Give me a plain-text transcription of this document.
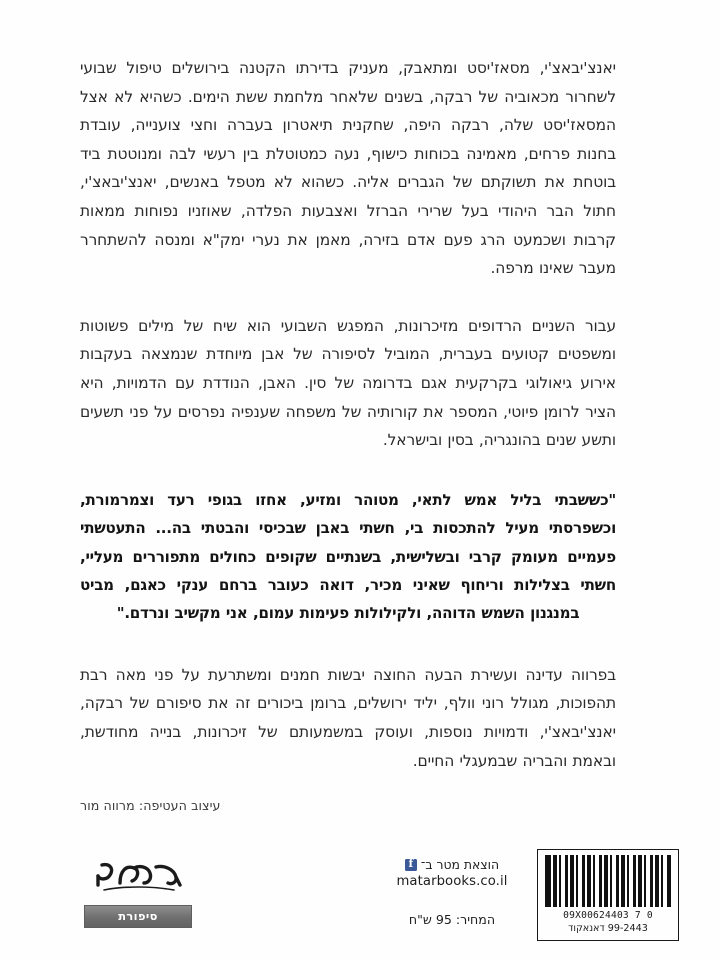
יאנצ'יבאצ'י, מסאז'יסט ומתאבק, מעניק בדירתו הקטנה בירושלים טיפול שבועי לשחרור מכאוביה של רבקה, בשנים שלאחר מלחמת ששת הימים. כשהיא לא אצל המסאז'יסט שלה, רבקה היפה, שחקנית תיאטרון בעברה וחצי צוענייה, עובדת בחנות פרחים, מאמינה בכוחות כישוף, נעה כמטוטלת בין רעשי לבה ומנוטטת ביד בוטחת את תשוקתם של הגברים אליה. כשהוא לא מטפל באנשים, יאנצ'יבאצ'י, חתול הבר היהודי בעל שרירי הברזל ואצבעות הפלדה, שאוזניו נפוחות ממאות קרבות ושכמעט הרג פעם אדם בזירה, מאמן את נערי ימק"א ומנסה להשתחרר מעבר שאינו מרפה.

עבור השניים הרדופים מזיכרונות, המפגש השבועי הוא שיח של מילים פשוטות ומשפטים קטועים בעברית, המוביל לסיפורה של אבן מיוחדת שנמצאה בעקבות אירוע גיאולוגי בקרקעית אגם בדרומה של סין. האבן, הנודדת עם הדמויות, היא הציר לרומן פיוטי, המספר את קורותיה של משפחה שענפיה נפרסים על פני תשעים ותשע שנים בהונגריה, בסין ובישראל.

"כששבתי בליל אמש לתאי, מטוהר ומזיע, אחזו בגופי רעד וצמרמורת, וכשפרסתי מעיל להתכסות בי, חשתי באבן שבכיסי והבטתי בה... התעטשתי פעמיים מעומק קרבי ובשלישית, בשנתיים שקופים כחולים מתפוררים מעליי, חשתי בצלילות וריחוף שאיני מכיר, דואה כעובר ברחם ענקי כאגם, מביט במנגנון השמש הדוהה, ולקילולות פעימות עמום, אני מקשיב ונרדם."

בפרווה עדינה ועשירת הבעה החוצה יבשות חמנים ומשתרעת על פני מאה רבת תהפוכות, מגולל רוני וולף, יליד ירושלים, ברומן ביכורים זה את סיפורם של רבקה, יאנצ'יבאצ'י, ודמויות נוספות, ועוסק במשמעותם של זיכרונות, בנייה מחודשת, ובאמת והבריה שבמעגלי החיים.

עיצוב העטיפה: מרווה מור
סיפורת
f
הוצאת מטר ב־
matarbooks.co.il
המחיר: 95 ש"ח	0 09X00624403 7
99-2443 דאנאקוד
